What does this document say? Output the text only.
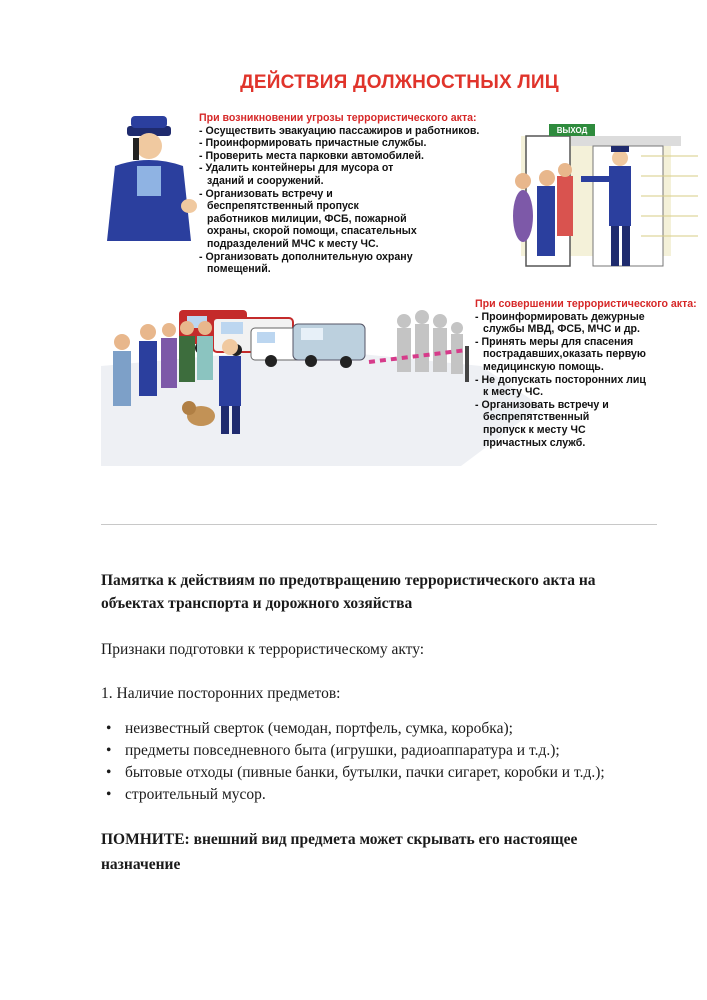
ВЫХОД
ДЕЙСТВИЯ ДОЛЖНОСТНЫХ ЛИЦ
При возникновении угрозы террористического акта:
- Осуществить эвакуацию пассажиров и работников.
- Проинформировать причастные службы.
- Проверить места парковки автомобилей.
- Удалить контейнеры для мусора от зданий и сооружений.
- Организовать встречу и беспрепятственный пропуск работников милиции, ФСБ, пожарной охраны, скорой помощи, спасательных подразделений МЧС к месту ЧС.
- Организовать дополнительную охрану помещений.
При совершении террористического акта:
- Проинформировать дежурные службы МВД, ФСБ, МЧС и др.
- Принять меры для спасения пострадавших,оказать первую медицинскую помощь.
- Не допускать посторонних лиц к месту ЧС.
- Организовать встречу и беспрепятственный пропуск к месту ЧС причастных служб.

Памятка к действиям по предотвращению террористического акта на объектах транспорта и дорожного хозяйства

Признаки подготовки к террористическому акту:

1. Наличие посторонних предметов:

• неизвестный сверток (чемодан, портфель, сумка, коробка);
• предметы повседневного быта (игрушки, радиоаппаратура и т.д.);
• бытовые отходы (пивные банки, бутылки, пачки сигарет, коробки и т.д.);
• строительный мусор.

ПОМНИТЕ: внешний вид предмета может скрывать его настоящее назначение
